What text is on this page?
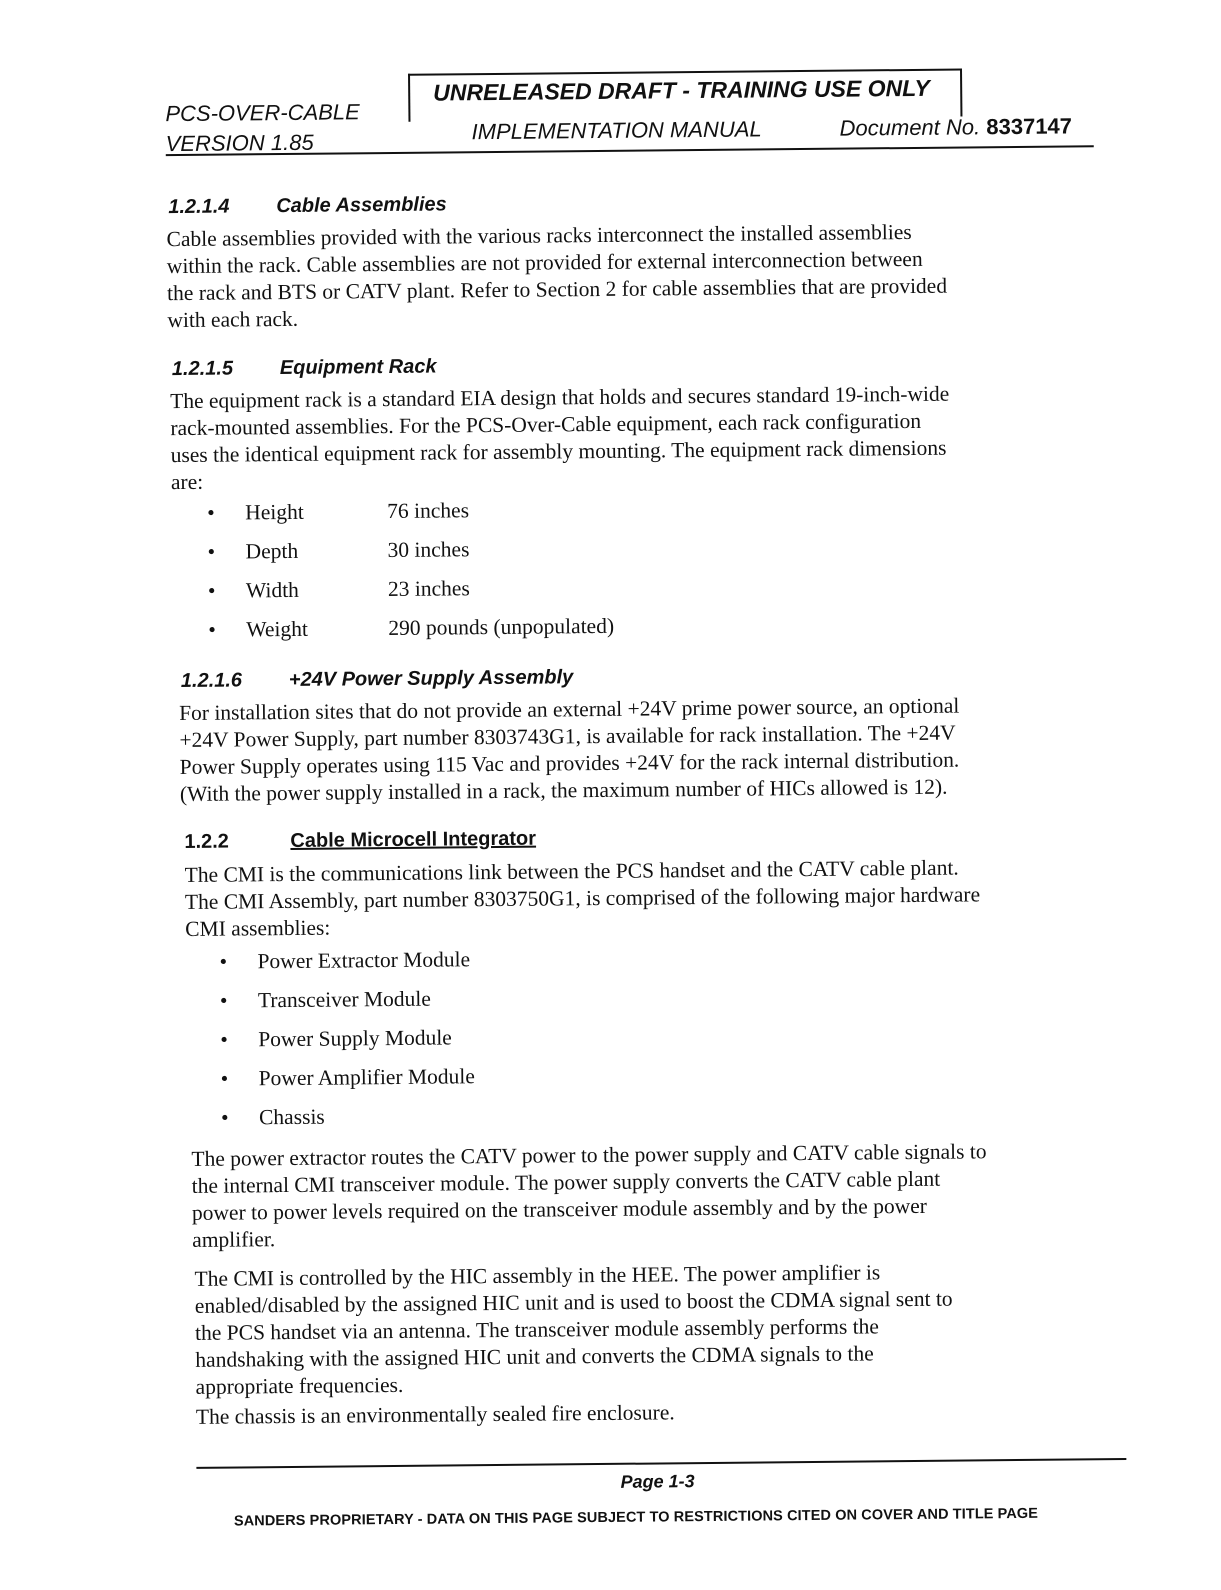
PCS-OVER-CABLE
VERSION 1.85
UNRELEASED DRAFT - TRAINING USE ONLY
IMPLEMENTATION MANUAL	Document No. 8337147
1.2.1.4 Cable Assemblies

Cable assemblies provided with the various racks interconnect the installed assemblies

within the rack. Cable assemblies are not provided for external interconnection between

the rack and BTS or CATV plant. Refer to Section 2 for cable assemblies that are provided

with each rack.

1.2.1.5 Equipment Rack

The equipment rack is a standard EIA design that holds and secures standard 19-inch-wide

rack-mounted assemblies. For the PCS-Over-Cable equipment, each rack configuration

uses the identical equipment rack for assembly mounting. The equipment rack dimensions

are:

• Height	76 inches
• Depth	30 inches
• Width	23 inches
• Weight	290 pounds (unpopulated)
1.2.1.6 +24V Power Supply Assembly

For installation sites that do not provide an external +24V prime power source, an optional

+24V Power Supply, part number 8303743G1, is available for rack installation. The +24V

Power Supply operates using 115 Vac and provides +24V for the rack internal distribution.

(With the power supply installed in a rack, the maximum number of HICs allowed is 12).

1.2.2	Cable Microcell Integrator

The CMI is the communications link between the PCS handset and the CATV cable plant.

The CMI Assembly, part number 8303750G1, is comprised of the following major hardware

CMI assemblies:

• Power Extractor Module
• Transceiver Module
• Power Supply Module
• Power Amplifier Module
• Chassis

The power extractor routes the CATV power to the power supply and CATV cable signals to

the internal CMI transceiver module. The power supply converts the CATV cable plant

power to power levels required on the transceiver module assembly and by the power

amplifier.

The CMI is controlled by the HIC assembly in the HEE. The power amplifier is

enabled/disabled by the assigned HIC unit and is used to boost the CDMA signal sent to

the PCS handset via an antenna. The transceiver module assembly performs the

handshaking with the assigned HIC unit and converts the CDMA signals to the

appropriate frequencies.

The chassis is an environmentally sealed fire enclosure.

Page 1-3
SANDERS PROPRIETARY - DATA ON THIS PAGE SUBJECT TO RESTRICTIONS CITED ON COVER AND TITLE PAGE
